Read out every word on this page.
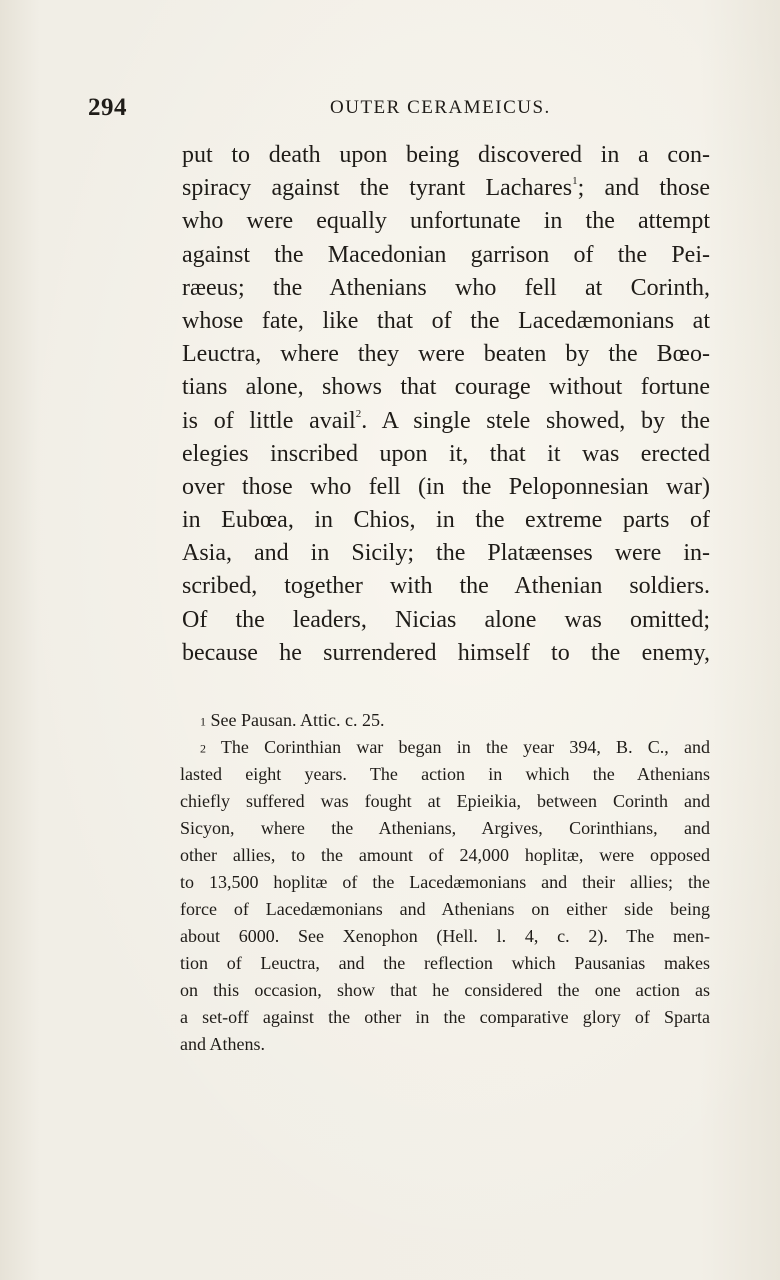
294	OUTER CERAMEICUS.
put to death upon being discovered in a con-
spiracy against the tyrant Lachares$^1$; and those
who were equally unfortunate in the attempt
against the Macedonian garrison of the Pei-
ræeus; the Athenians who fell at Corinth,
whose fate, like that of the Lacedæmonians at
Leuctra, where they were beaten by the Bœo-
tians alone, shows that courage without fortune
is of little avail$^2$. A single stele showed, by the
elegies inscribed upon it, that it was erected
over those who fell (in the Peloponnesian war)
in Eubœa, in Chios, in the extreme parts of
Asia, and in Sicily; the Platæenses were in-
scribed, together with the Athenian soldiers.
Of the leaders, Nicias alone was omitted;
because he surrendered himself to the enemy,
1 See Pausan. Attic. c. 25.
2 The Corinthian war began in the year 394, B. C., and
lasted eight years. The action in which the Athenians
chiefly suffered was fought at Epieikia, between Corinth and
Sicyon, where the Athenians, Argives, Corinthians, and
other allies, to the amount of 24,000 hoplitæ, were opposed
to 13,500 hoplitæ of the Lacedæmonians and their allies; the
force of Lacedæmonians and Athenians on either side being
about 6000. See Xenophon (Hell. l. 4, c. 2). The men-
tion of Leuctra, and the reflection which Pausanias makes
on this occasion, show that he considered the one action as
a set-off against the other in the comparative glory of Sparta
and Athens.
